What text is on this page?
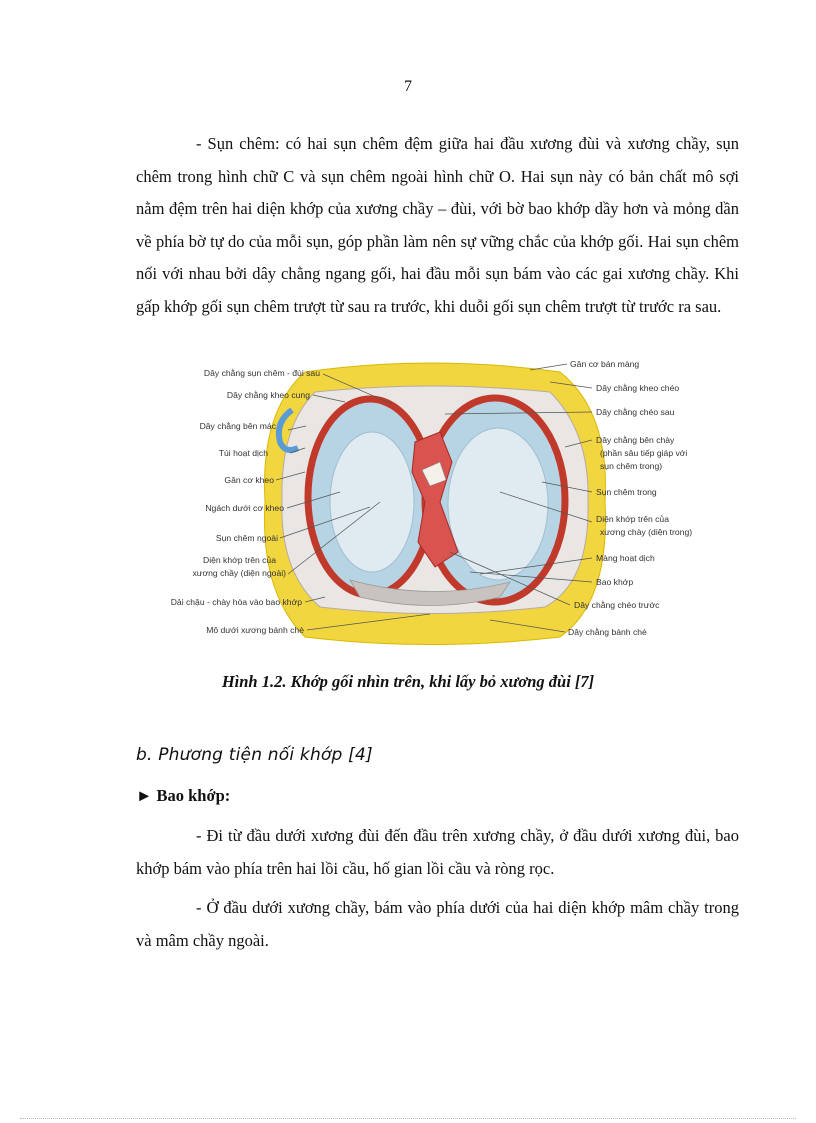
7

- Sụn chêm: có hai sụn chêm đệm giữa hai đầu xương đùi và xương chầy, sụn chêm trong hình chữ C và sụn chêm ngoài hình chữ O. Hai sụn này có bản chất mô sợi nằm đệm trên hai diện khớp của xương chầy – đùi, với bờ bao khớp dầy hơn và mỏng dần về phía bờ tự do của mỗi sụn, góp phần làm nên sự vững chắc của khớp gối. Hai sụn chêm nối với nhau bởi dây chằng ngang gối, hai đầu mỗi sụn bám vào các gai xương chầy. Khi gấp khớp gối sụn chêm trượt từ sau ra trước, khi duỗi gối sụn chêm trượt từ trước ra sau.

Dây chằng sụn chêm - đùi sau
Dây chằng kheo cung
Dây chằng bên mác
Túi hoạt dịch
Gân cơ kheo
Ngách dưới cơ kheo
Sụn chêm ngoài
Diện khớp trên của
xương chầy (diện ngoài)
Dải chậu - chày hòa vào bao khớp
Mô dưới xương bánh chè
Gân cơ bán màng
Dây chằng kheo chéo
Dây chằng chéo sau
Dây chằng bên chày
(phần sâu tiếp giáp với
sụn chêm trong)
Sụn chêm trong
Diện khớp trên của
xương chày (diện trong)
Màng hoạt dịch
Bao khớp
Dây chằng chéo trước
Dây chằng bánh chè
Hình 1.2. Khớp gối nhìn trên, khi lấy bỏ xương đùi [7]
b. Phương tiện nối khớp [4]
► Bao khớp:

- Đi từ đầu dưới xương đùi đến đầu trên xương chầy, ở đầu dưới xương đùi, bao khớp bám vào phía trên hai lồi cầu, hố gian lồi cầu và ròng rọc.

- Ở đầu dưới xương chầy, bám vào phía dưới của hai diện khớp mâm chầy trong và mâm chầy ngoài.
